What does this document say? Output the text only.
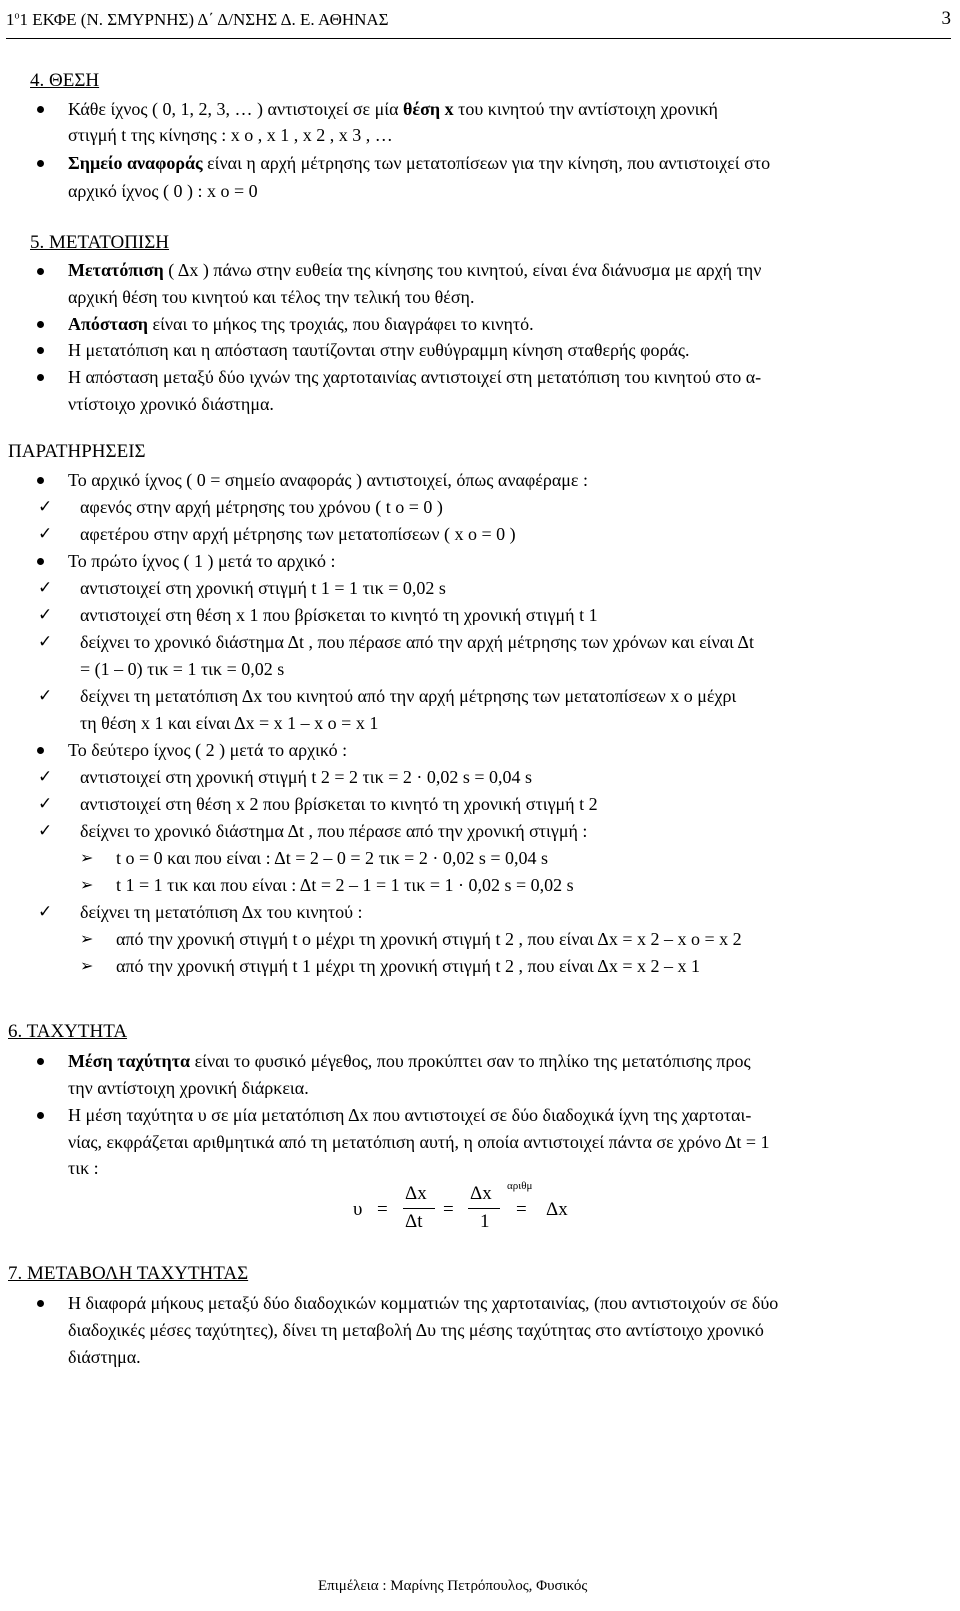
$1^o1$ ΕΚΦΕ (Ν. ΣΜΥΡΝΗΣ) Δ΄ Δ/ΝΣΗΣ Δ. Ε. ΑΘΗΝΑΣ	3
4. ΘΕΣΗ
Κάθε ίχνος ( 0, 1, 2, 3, … ) αντιστοιχεί σε μία θέση x του κινητού την αντίστοιχη χρονική
στιγμή t της κίνησης : x ο , x 1 , x 2 , x 3 , …
Σημείο αναφοράς είναι η αρχή μέτρησης των μετατοπίσεων για την κίνηση, που αντιστοιχεί στο
αρχικό ίχνος ( 0 ) : x ο = 0
5. ΜΕΤΑΤΟΠΙΣΗ
Μετατόπιση ( Δx ) πάνω στην ευθεία της κίνησης του κινητού, είναι ένα διάνυσμα με αρχή την
αρχική θέση του κινητού και τέλος την τελική του θέση.
Απόσταση είναι το μήκος της τροχιάς, που διαγράφει το κινητό.
Η μετατόπιση και η απόσταση ταυτίζονται στην ευθύγραμμη κίνηση σταθερής φοράς.
Η απόσταση μεταξύ δύο ιχνών της χαρτοταινίας αντιστοιχεί στη μετατόπιση του κινητού στο α-
ντίστοιχο χρονικό διάστημα.
ΠΑΡΑΤΗΡΗΣΕΙΣ
Το αρχικό ίχνος ( 0 = σημείο αναφοράς ) αντιστοιχεί, όπως αναφέραμε :
✓ αφενός στην αρχή μέτρησης του χρόνου ( t ο = 0 )
✓ αφετέρου στην αρχή μέτρησης των μετατοπίσεων ( x ο = 0 )
Το πρώτο ίχνος ( 1 ) μετά το αρχικό :
✓ αντιστοιχεί στη χρονική στιγμή t 1 = 1 τικ = 0,02 s
✓ αντιστοιχεί στη θέση x 1 που βρίσκεται το κινητό τη χρονική στιγμή t 1
✓ δείχνει το χρονικό διάστημα Δt , που πέρασε από την αρχή μέτρησης των χρόνων και είναι Δt
= (1 – 0) τικ = 1 τικ = 0,02 s
✓ δείχνει τη μετατόπιση Δx του κινητού από την αρχή μέτρησης των μετατοπίσεων x ο μέχρι
τη θέση x 1 και είναι Δx = x 1 – x ο = x 1
Το δεύτερο ίχνος ( 2 ) μετά το αρχικό :
✓ αντιστοιχεί στη χρονική στιγμή t 2 = 2 τικ = 2 · 0,02 s = 0,04 s
✓ αντιστοιχεί στη θέση x 2 που βρίσκεται το κινητό τη χρονική στιγμή t 2
✓ δείχνει το χρονικό διάστημα Δt , που πέρασε από την χρονική στιγμή :
➢ t ο = 0 και που είναι : Δt = 2 – 0 = 2 τικ = 2 · 0,02 s = 0,04 s
➢ t 1 = 1 τικ και που είναι : Δt = 2 – 1 = 1 τικ = 1 · 0,02 s = 0,02 s
✓ δείχνει τη μετατόπιση Δx του κινητού :
➢ από την χρονική στιγμή t ο μέχρι τη χρονική στιγμή t 2 , που είναι Δx = x 2 – x ο = x 2
➢ από την χρονική στιγμή t 1 μέχρι τη χρονική στιγμή t 2 , που είναι Δx = x 2 – x 1
6. ΤΑΧΥΤΗΤΑ
Μέση ταχύτητα είναι το φυσικό μέγεθος, που προκύπτει σαν το πηλίκο της μετατόπισης προς
την αντίστοιχη χρονική διάρκεια.
Η μέση ταχύτητα υ σε μία μετατόπιση Δx που αντιστοιχεί σε δύο διαδοχικά ίχνη της χαρτοται-
νίας, εκφράζεται αριθμητικά από τη μετατόπιση αυτή, η οποία αντιστοιχεί πάντα σε χρόνο Δt = 1
τικ :
υ =
Δx
Δt
=
Δx
1
αριθμ
= Δx
7. ΜΕΤΑΒΟΛΗ ΤΑΧΥΤΗΤΑΣ
Η διαφορά μήκους μεταξύ δύο διαδοχικών κομματιών της χαρτοταινίας, (που αντιστοιχούν σε δύο
διαδοχικές μέσες ταχύτητες), δίνει τη μεταβολή Δυ της μέσης ταχύτητας στο αντίστοιχο χρονικό
διάστημα.
Επιμέλεια : Μαρίνης Πετρόπουλος, Φυσικός
